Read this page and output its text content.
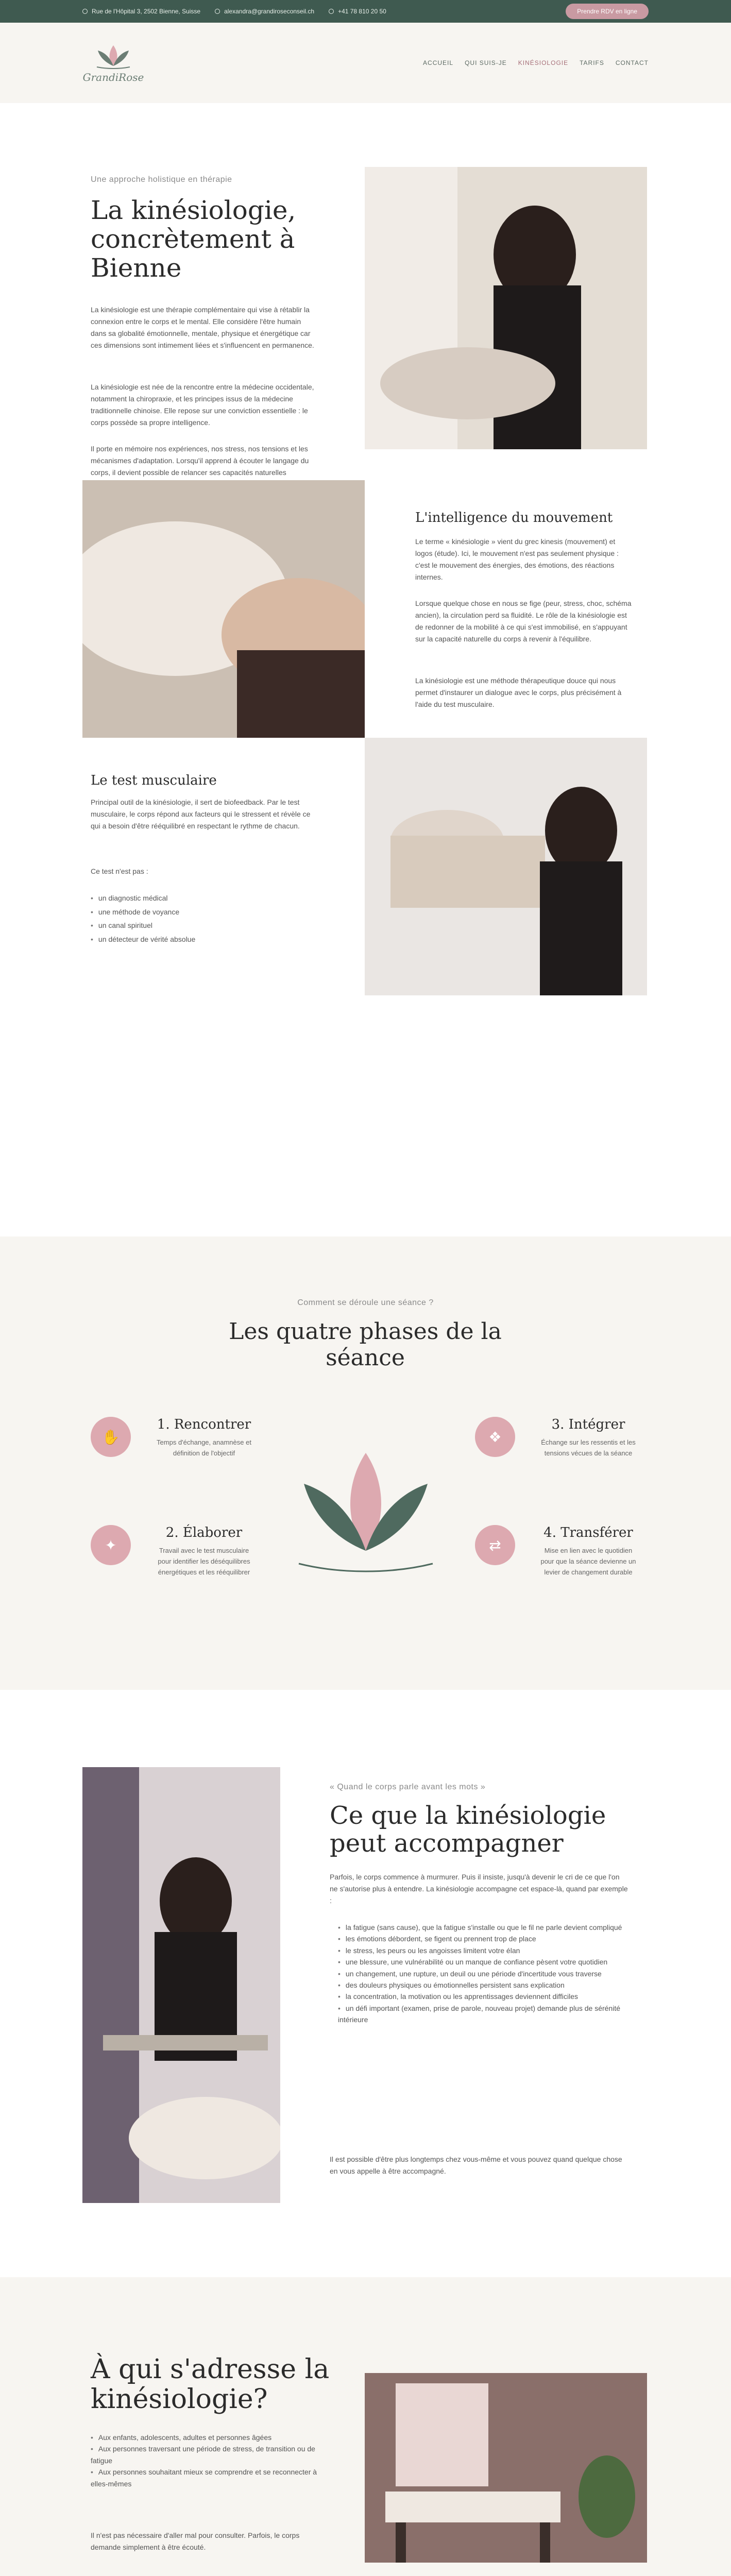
Rue de l'Hôpital 3, 2502 Bienne, Suisse	alexandra@grandiroseconseil.ch	+41 78 810 20 50	Prendre RDV en ligne
GrandiRose
ACCUEIL QUI SUIS-JE KINÉSIOLOGIE TARIFS CONTACT
Une approche holistique en thérapie
La kinésiologie, concrètement à Bienne

La kinésiologie est une thérapie complémentaire qui vise à rétablir la connexion entre le corps et le mental. Elle considère l'être humain dans sa globalité émotionnelle, mentale, physique et énergétique car ces dimensions sont intimement liées et s'influencent en permanence.

La kinésiologie est née de la rencontre entre la médecine occidentale, notamment la chiropraxie, et les principes issus de la médecine traditionnelle chinoise. Elle repose sur une conviction essentielle : le corps possède sa propre intelligence.

Il porte en mémoire nos expériences, nos stress, nos tensions et les mécanismes d'adaptation. Lorsqu'il apprend à écouter le langage du corps, il devient possible de relancer ses capacités naturelles

L'intelligence du mouvement

Le terme « kinésiologie » vient du grec kinesis (mouvement) et logos (étude). Ici, le mouvement n'est pas seulement physique : c'est le mouvement des énergies, des émotions, des réactions internes.

Lorsque quelque chose en nous se fige (peur, stress, choc, schéma ancien), la circulation perd sa fluidité. Le rôle de la kinésiologie est de redonner de la mobilité à ce qui s'est immobilisé, en s'appuyant sur la capacité naturelle du corps à revenir à l'équilibre.

La kinésiologie est une méthode thérapeutique douce qui nous permet d'instaurer un dialogue avec le corps, plus précisément à l'aide du test musculaire.

Le test musculaire

Principal outil de la kinésiologie, il sert de biofeedback. Par le test musculaire, le corps répond aux facteurs qui le stressent et révèle ce qui a besoin d'être rééquilibré en respectant le rythme de chacun.

Ce test n'est pas :

• un diagnostic médical
• une méthode de voyance
• un canal spirituel
• un détecteur de vérité absolue
Comment se déroule une séance ?
Les quatre phases de la séance
✋
1. Rencontrer

Temps d'échange, anamnèse et définition de l'objectif

✦
2. Élaborer

Travail avec le test musculaire pour identifier les déséquilibres énergétiques et les rééquilibrer

❖
3. Intégrer

Échange sur les ressentis et les tensions vécues de la séance

⇄
4. Transférer

Mise en lien avec le quotidien pour que la séance devienne un levier de changement durable

« Quand le corps parle avant les mots »
Ce que la kinésiologie peut accompagner

Parfois, le corps commence à murmurer. Puis il insiste, jusqu'à devenir le cri de ce que l'on ne s'autorise plus à entendre. La kinésiologie accompagne cet espace-là, quand par exemple :

• la fatigue (sans cause), que la fatigue s'installe ou que le fil ne parle devient compliqué
• les émotions débordent, se figent ou prennent trop de place
• le stress, les peurs ou les angoisses limitent votre élan
• une blessure, une vulnérabilité ou un manque de confiance pèsent votre quotidien
• un changement, une rupture, un deuil ou une période d'incertitude vous traverse
• des douleurs physiques ou émotionnelles persistent sans explication
• la concentration, la motivation ou les apprentissages deviennent difficiles
• un défi important (examen, prise de parole, nouveau projet) demande plus de sérénité intérieure

Il est possible d'être plus longtemps chez vous-même et vous pouvez quand quelque chose en vous appelle à être accompagné.

À qui s'adresse la kinésiologie?
• Aux enfants, adolescents, adultes et personnes âgées
• Aux personnes traversant une période de stress, de transition ou de fatigue
• Aux personnes souhaitant mieux se comprendre et se reconnecter à elles-mêmes

Il n'est pas nécessaire d'aller mal pour consulter. Parfois, le corps demande simplement à être écouté.
